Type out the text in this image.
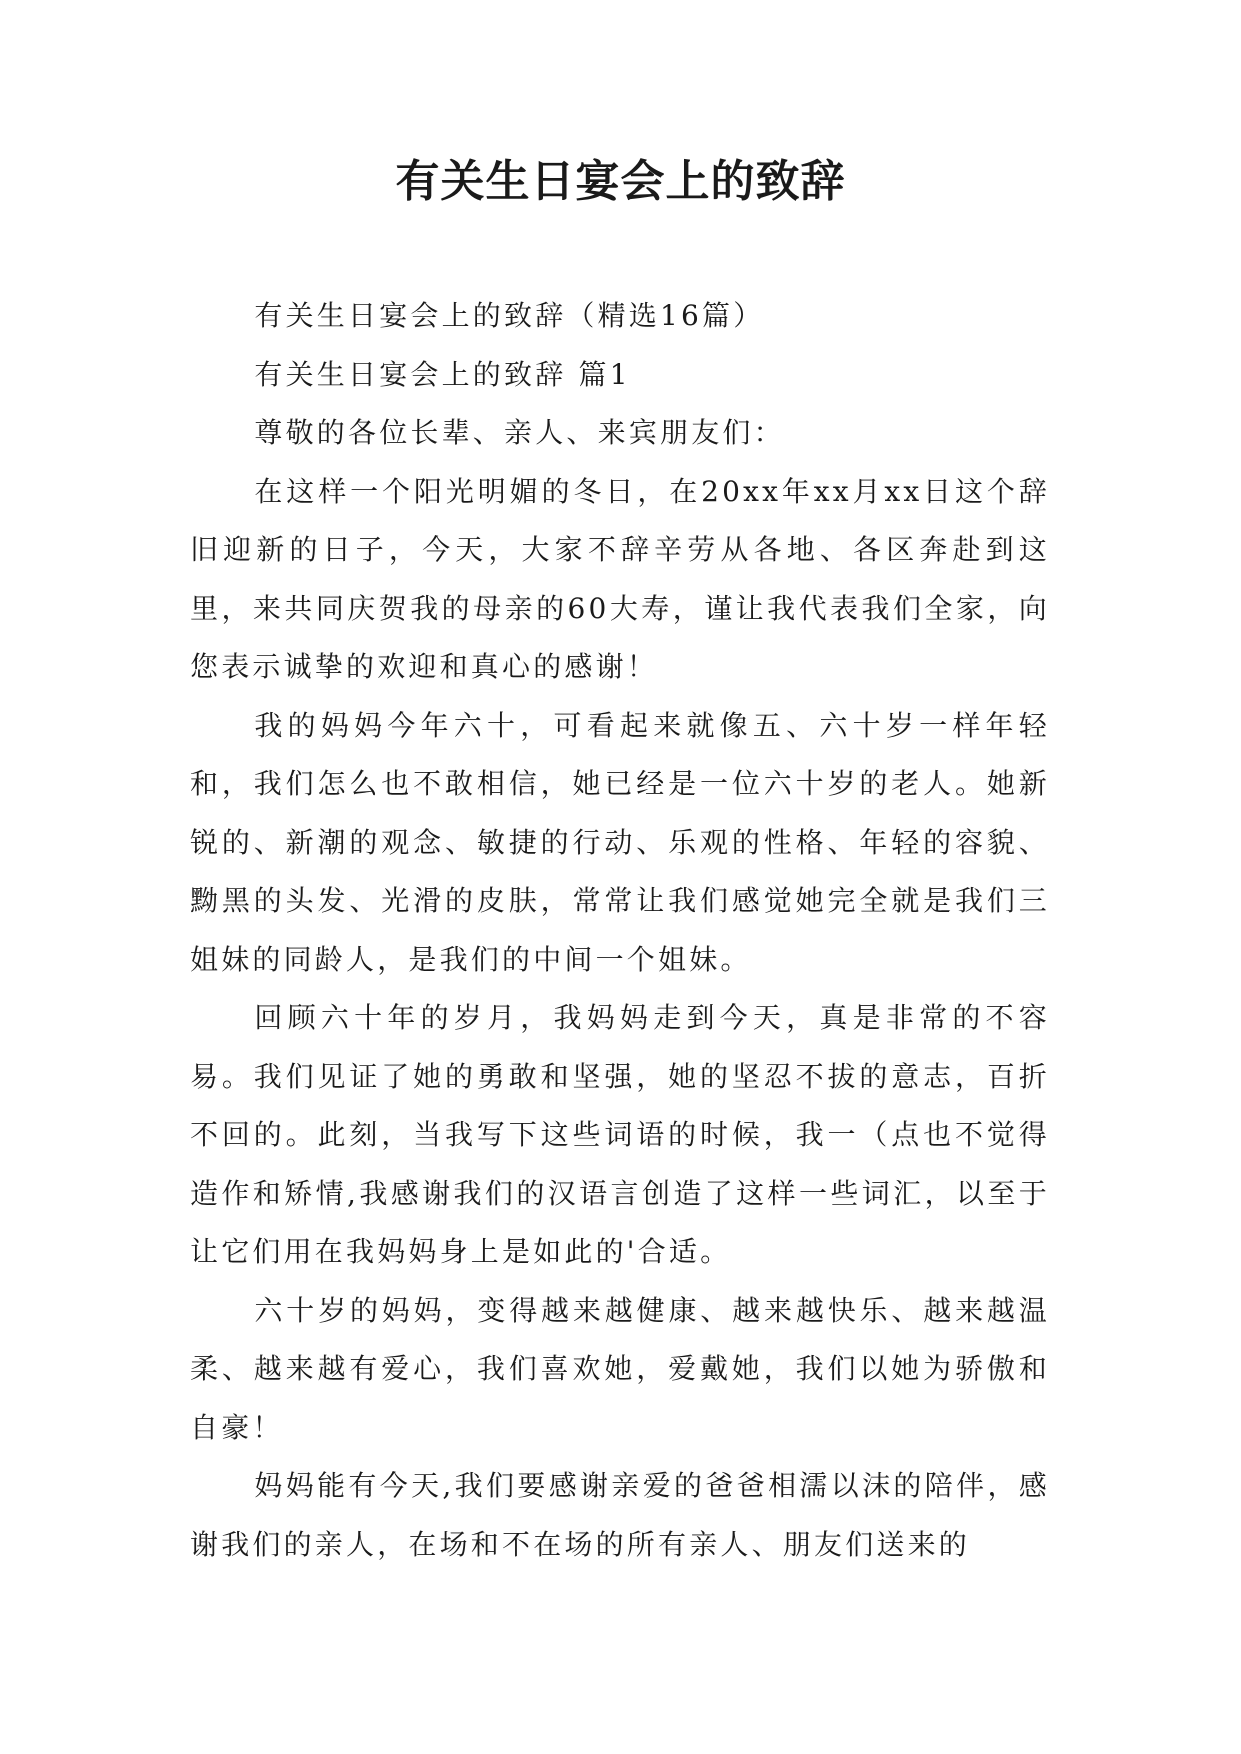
有关生日宴会上的致辞

有关生日宴会上的致辞（精选16篇）

有关生日宴会上的致辞 篇1

尊敬的各位长辈、亲人、来宾朋友们：

在这样一个阳光明媚的冬日，在20xx年xx月xx日这个辞旧迎新的日子，今天，大家不辞辛劳从各地、各区奔赴到这里，来共同庆贺我的母亲的60大寿，谨让我代表我们全家，向您表示诚挚的欢迎和真心的感谢！

我的妈妈今年六十，可看起来就像五、六十岁一样年轻和，我们怎么也不敢相信，她已经是一位六十岁的老人。她新锐的、新潮的观念、敏捷的行动、乐观的性格、年轻的容貌、黝黑的头发、光滑的皮肤，常常让我们感觉她完全就是我们三姐妹的同龄人，是我们的中间一个姐妹。

回顾六十年的岁月，我妈妈走到今天，真是非常的不容易。我们见证了她的勇敢和坚强，她的坚忍不拔的意志，百折不回的。此刻，当我写下这些词语的时候，我一（点也不觉得造作和矫情,我感谢我们的汉语言创造了这样一些词汇，以至于让它们用在我妈妈身上是如此的'合适。

六十岁的妈妈，变得越来越健康、越来越快乐、越来越温柔、越来越有爱心，我们喜欢她，爱戴她，我们以她为骄傲和自豪！

妈妈能有今天,我们要感谢亲爱的爸爸相濡以沫的陪伴，感谢我们的亲人，在场和不在场的所有亲人、朋友们送来的
